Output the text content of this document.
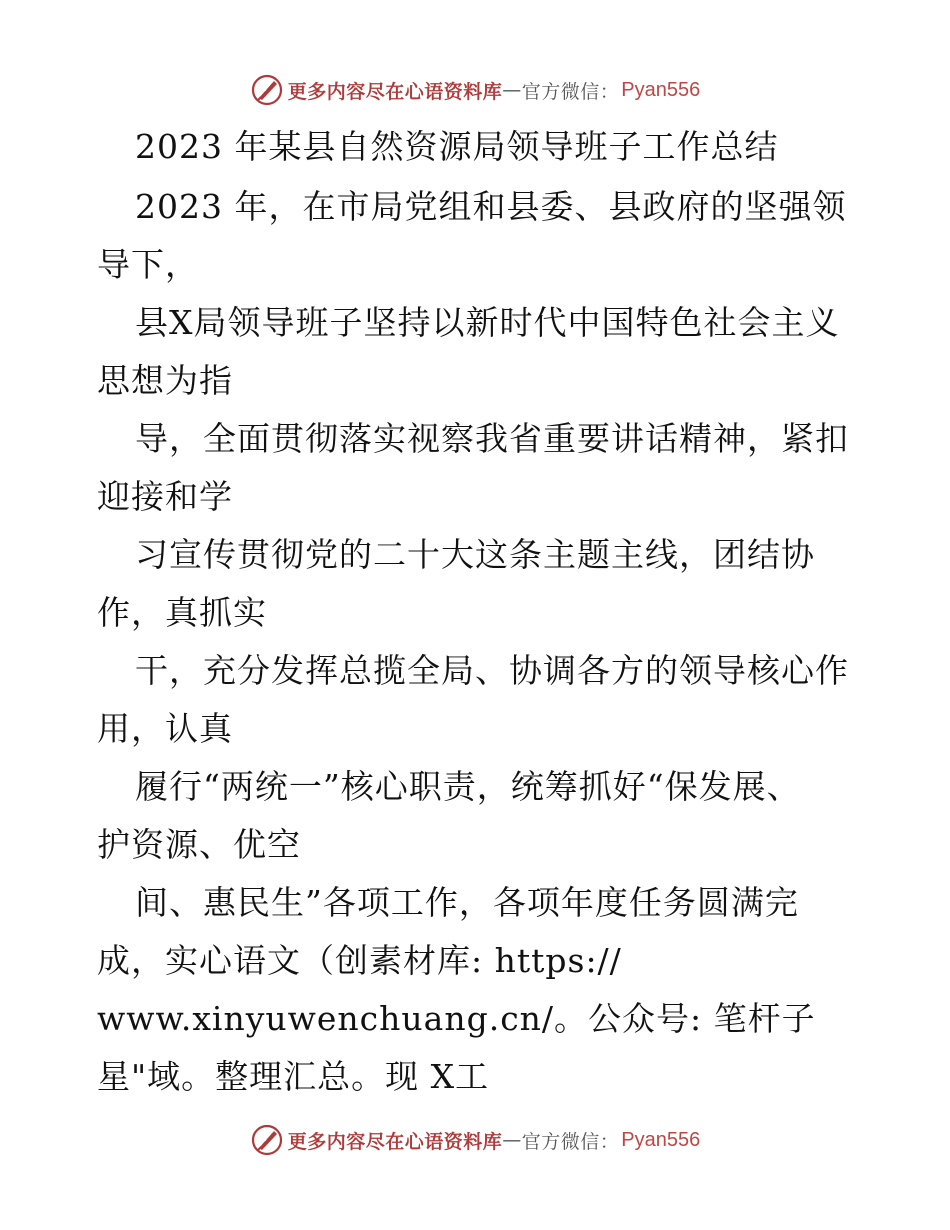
更多内容尽在心语资料库 — 官方微信： Pyan556
2023 年某县自然资源局领导班子工作总结
2023 年，在市局党组和县委、县政府的坚强领
导下，
县X局领导班子坚持以新时代中国特色社会主义
思想为指
导，全面贯彻落实视察我省重要讲话精神，紧扣
迎接和学
习宣传贯彻党的二十大这条主题主线，团结协
作，真抓实
干，充分发挥总揽全局、协调各方的领导核心作
用，认真
履行“两统一”核心职责，统筹抓好“保发展、
护资源、优空
间、惠民生”各项工作，各项年度任务圆满完
成，实心语文（创素材库: https://
www.xinyuwenchuang.cn/。公众号: 笔杆子
星"域。整理汇总。现 X工
更多内容尽在心语资料库 — 官方微信： Pyan556
